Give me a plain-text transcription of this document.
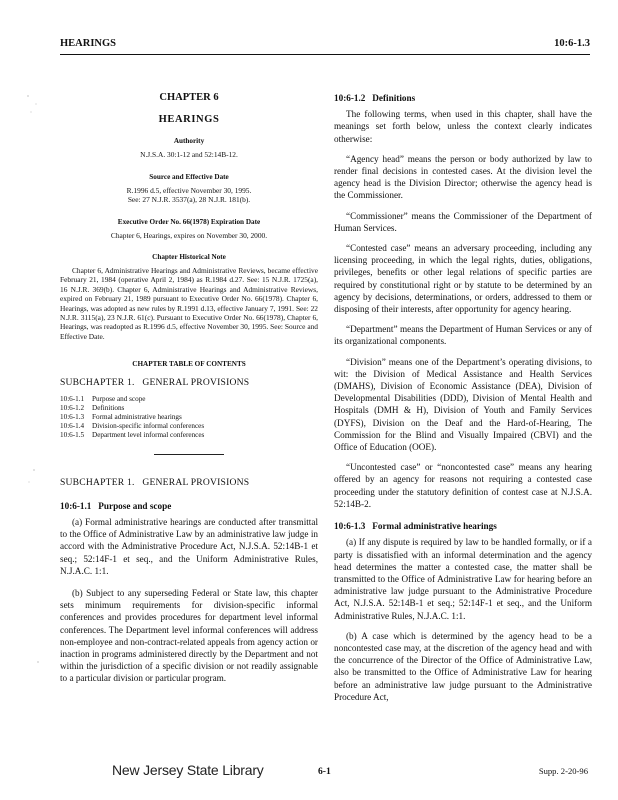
HEARINGS	10:6-1.3
CHAPTER 6
HEARINGS
Authority
N.J.S.A. 30:1-12 and 52:14B-12.
Source and Effective Date
R.1996 d.5, effective November 30, 1995.
See: 27 N.J.R. 3537(a), 28 N.J.R. 181(b).
Executive Order No. 66(1978) Expiration Date
Chapter 6, Hearings, expires on November 30, 2000.
Chapter Historical Note
Chapter 6, Administrative Hearings and Administrative Reviews, became effective February 21, 1984 (operative April 2, 1984) as R.1984 d.27. See: 15 N.J.R. 1725(a), 16 N.J.R. 369(b). Chapter 6, Administrative Hearings and Administrative Reviews, expired on February 21, 1989 pursuant to Executive Order No. 66(1978). Chapter 6, Hearings, was adopted as new rules by R.1991 d.13, effective January 7, 1991. See: 22 N.J.R. 3115(a), 23 N.J.R. 61(c). Pursuant to Executive Order No. 66(1978), Chapter 6, Hearings, was readopted as R.1996 d.5, effective November 30, 1995. See: Source and Effective Date.
CHAPTER TABLE OF CONTENTS
SUBCHAPTER 1.   GENERAL PROVISIONS
10:6-1.1	Purpose and scope
10:6-1.2	Definitions
10:6-1.3	Formal administrative hearings
10:6-1.4	Division-specific informal conferences
10:6-1.5	Department level informal conferences
SUBCHAPTER 1.   GENERAL PROVISIONS
10:6-1.1   Purpose and scope

(a) Formal administrative hearings are conducted after transmittal to the Office of Administrative Law by an administrative law judge in accord with the Administrative Procedure Act, N.J.S.A. 52:14B-1 et seq.; 52:14F-1 et seq., and the Uniform Administrative Rules, N.J.A.C. 1:1.

(b) Subject to any superseding Federal or State law, this chapter sets minimum requirements for division-specific informal conferences and provides procedures for department level informal conferences. The Department level informal conferences will address non-employee and non-contract-related appeals from agency action or inaction in programs administered directly by the Department and not within the jurisdiction of a specific division or not readily assignable to a particular division or particular program.

10:6-1.2   Definitions

The following terms, when used in this chapter, shall have the meanings set forth below, unless the context clearly indicates otherwise:

“Agency head” means the person or body authorized by law to render final decisions in contested cases. At the division level the agency head is the Division Director; otherwise the agency head is the Commissioner.

“Commissioner” means the Commissioner of the Department of Human Services.

“Contested case” means an adversary proceeding, including any licensing proceeding, in which the legal rights, duties, obligations, privileges, benefits or other legal relations of specific parties are required by constitutional right or by statute to be determined by an agency by decisions, determinations, or orders, addressed to them or disposing of their interests, after opportunity for agency hearing.

“Department” means the Department of Human Services or any of its organizational components.

“Division” means one of the Department’s operating divisions, to wit: the Division of Medical Assistance and Health Services (DMAHS), Division of Economic Assistance (DEA), Division of Developmental Disabilities (DDD), Division of Mental Health and Hospitals (DMH & H), Division of Youth and Family Services (DYFS), Division on the Deaf and the Hard-of-Hearing, The Commission for the Blind and Visually Impaired (CBVI) and the Office of Education (OOE).

“Uncontested case” or “noncontested case” means any hearing offered by an agency for reasons not requiring a contested case proceeding under the statutory definition of contest case at N.J.S.A. 52:14B-2.

10:6-1.3   Formal administrative hearings

(a) If any dispute is required by law to be handled formally, or if a party is dissatisfied with an informal determination and the agency head determines the matter a contested case, the matter shall be transmitted to the Office of Administrative Law for hearing before an administrative law judge pursuant to the Administrative Procedure Act, N.J.S.A. 52:14B-1 et seq.; 52:14F-1 et seq., and the Uniform Administrative Rules, N.J.A.C. 1:1.

(b) A case which is determined by the agency head to be a noncontested case may, at the discretion of the agency head and with the concurrence of the Director of the Office of Administrative Law, also be transmitted to the Office of Administrative Law for hearing before an administrative law judge pursuant to the Administrative Procedure Act,

New Jersey State Library	6-1	Supp. 2-20-96
